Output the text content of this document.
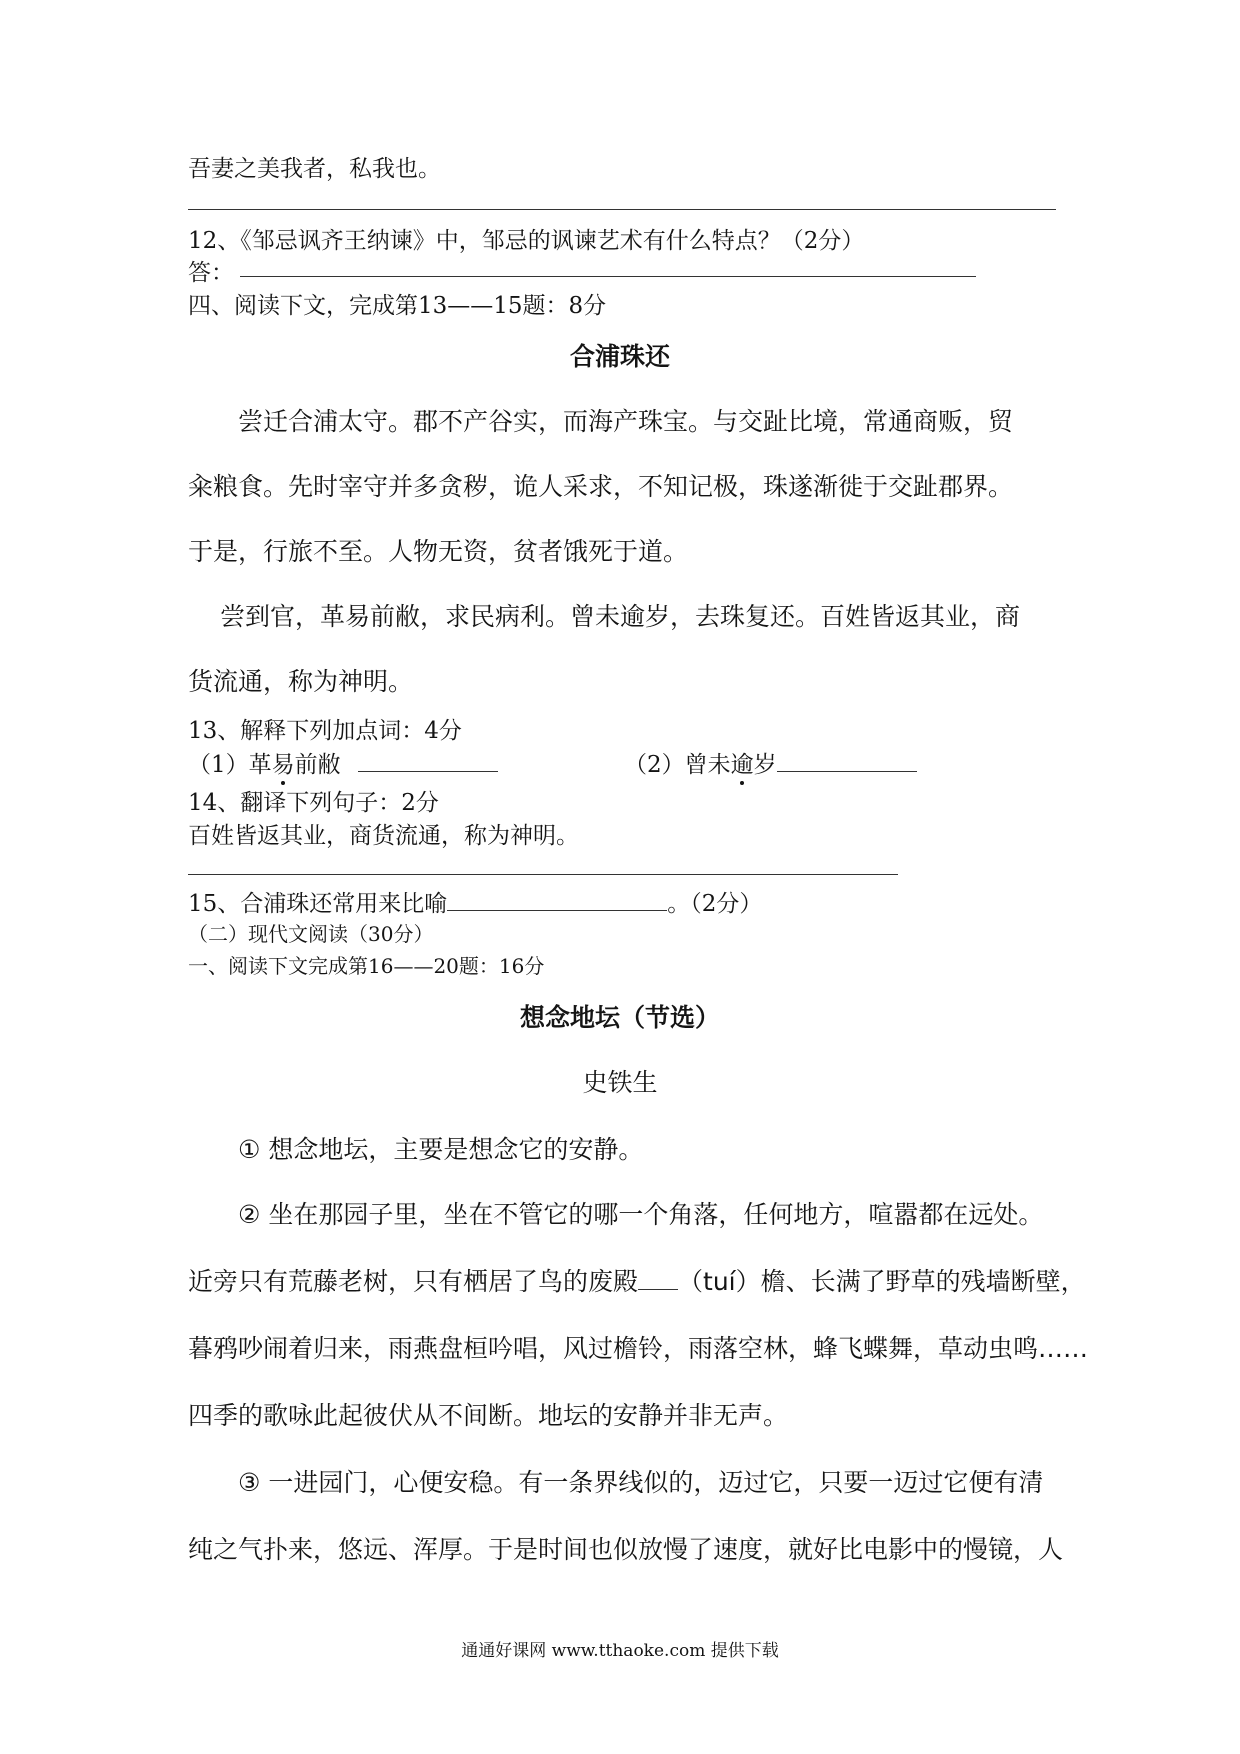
吾妻之美我者，私我也。
12、《邹忌讽齐王纳谏》中，邹忌的讽谏艺术有什么特点？（2分）
答：
四、阅读下文，完成第13——15题：8分
合浦珠还
尝迁合浦太守。郡不产谷实，而海产珠宝。与交趾比境，常通商贩，贸
籴粮食。先时宰守并多贪秽，诡人采求，不知记极，珠遂渐徙于交趾郡界。
于是，行旅不至。人物无资，贫者饿死于道。
尝到官，革易前敝，求民病利。曾未逾岁，去珠复还。百姓皆返其业，商
货流通，称为神明。
13、解释下列加点词：4分
（1）革易前敝	（2）曾未逾岁
14、翻译下列句子：2分
百姓皆返其业，商货流通，称为神明。
15、合浦珠还常用来比喻	。（2分）
（二）现代文阅读（30分）
一、阅读下文完成第16——20题：16分
想念地坛（节选）
史铁生
① 想念地坛，主要是想念它的安静。
② 坐在那园子里，坐在不管它的哪一个角落，任何地方，喧嚣都在远处。
近旁只有荒藤老树，只有栖居了鸟的废殿 （tuí）檐、长满了野草的残墙断壁，
暮鸦吵闹着归来，雨燕盘桓吟唱，风过檐铃，雨落空林，蜂飞蝶舞，草动虫鸣……
四季的歌咏此起彼伏从不间断。地坛的安静并非无声。
③ 一进园门，心便安稳。有一条界线似的，迈过它，只要一迈过它便有清
纯之气扑来，悠远、浑厚。于是时间也似放慢了速度，就好比电影中的慢镜，人
通通好课网 www.tthaoke.com 提供下载
